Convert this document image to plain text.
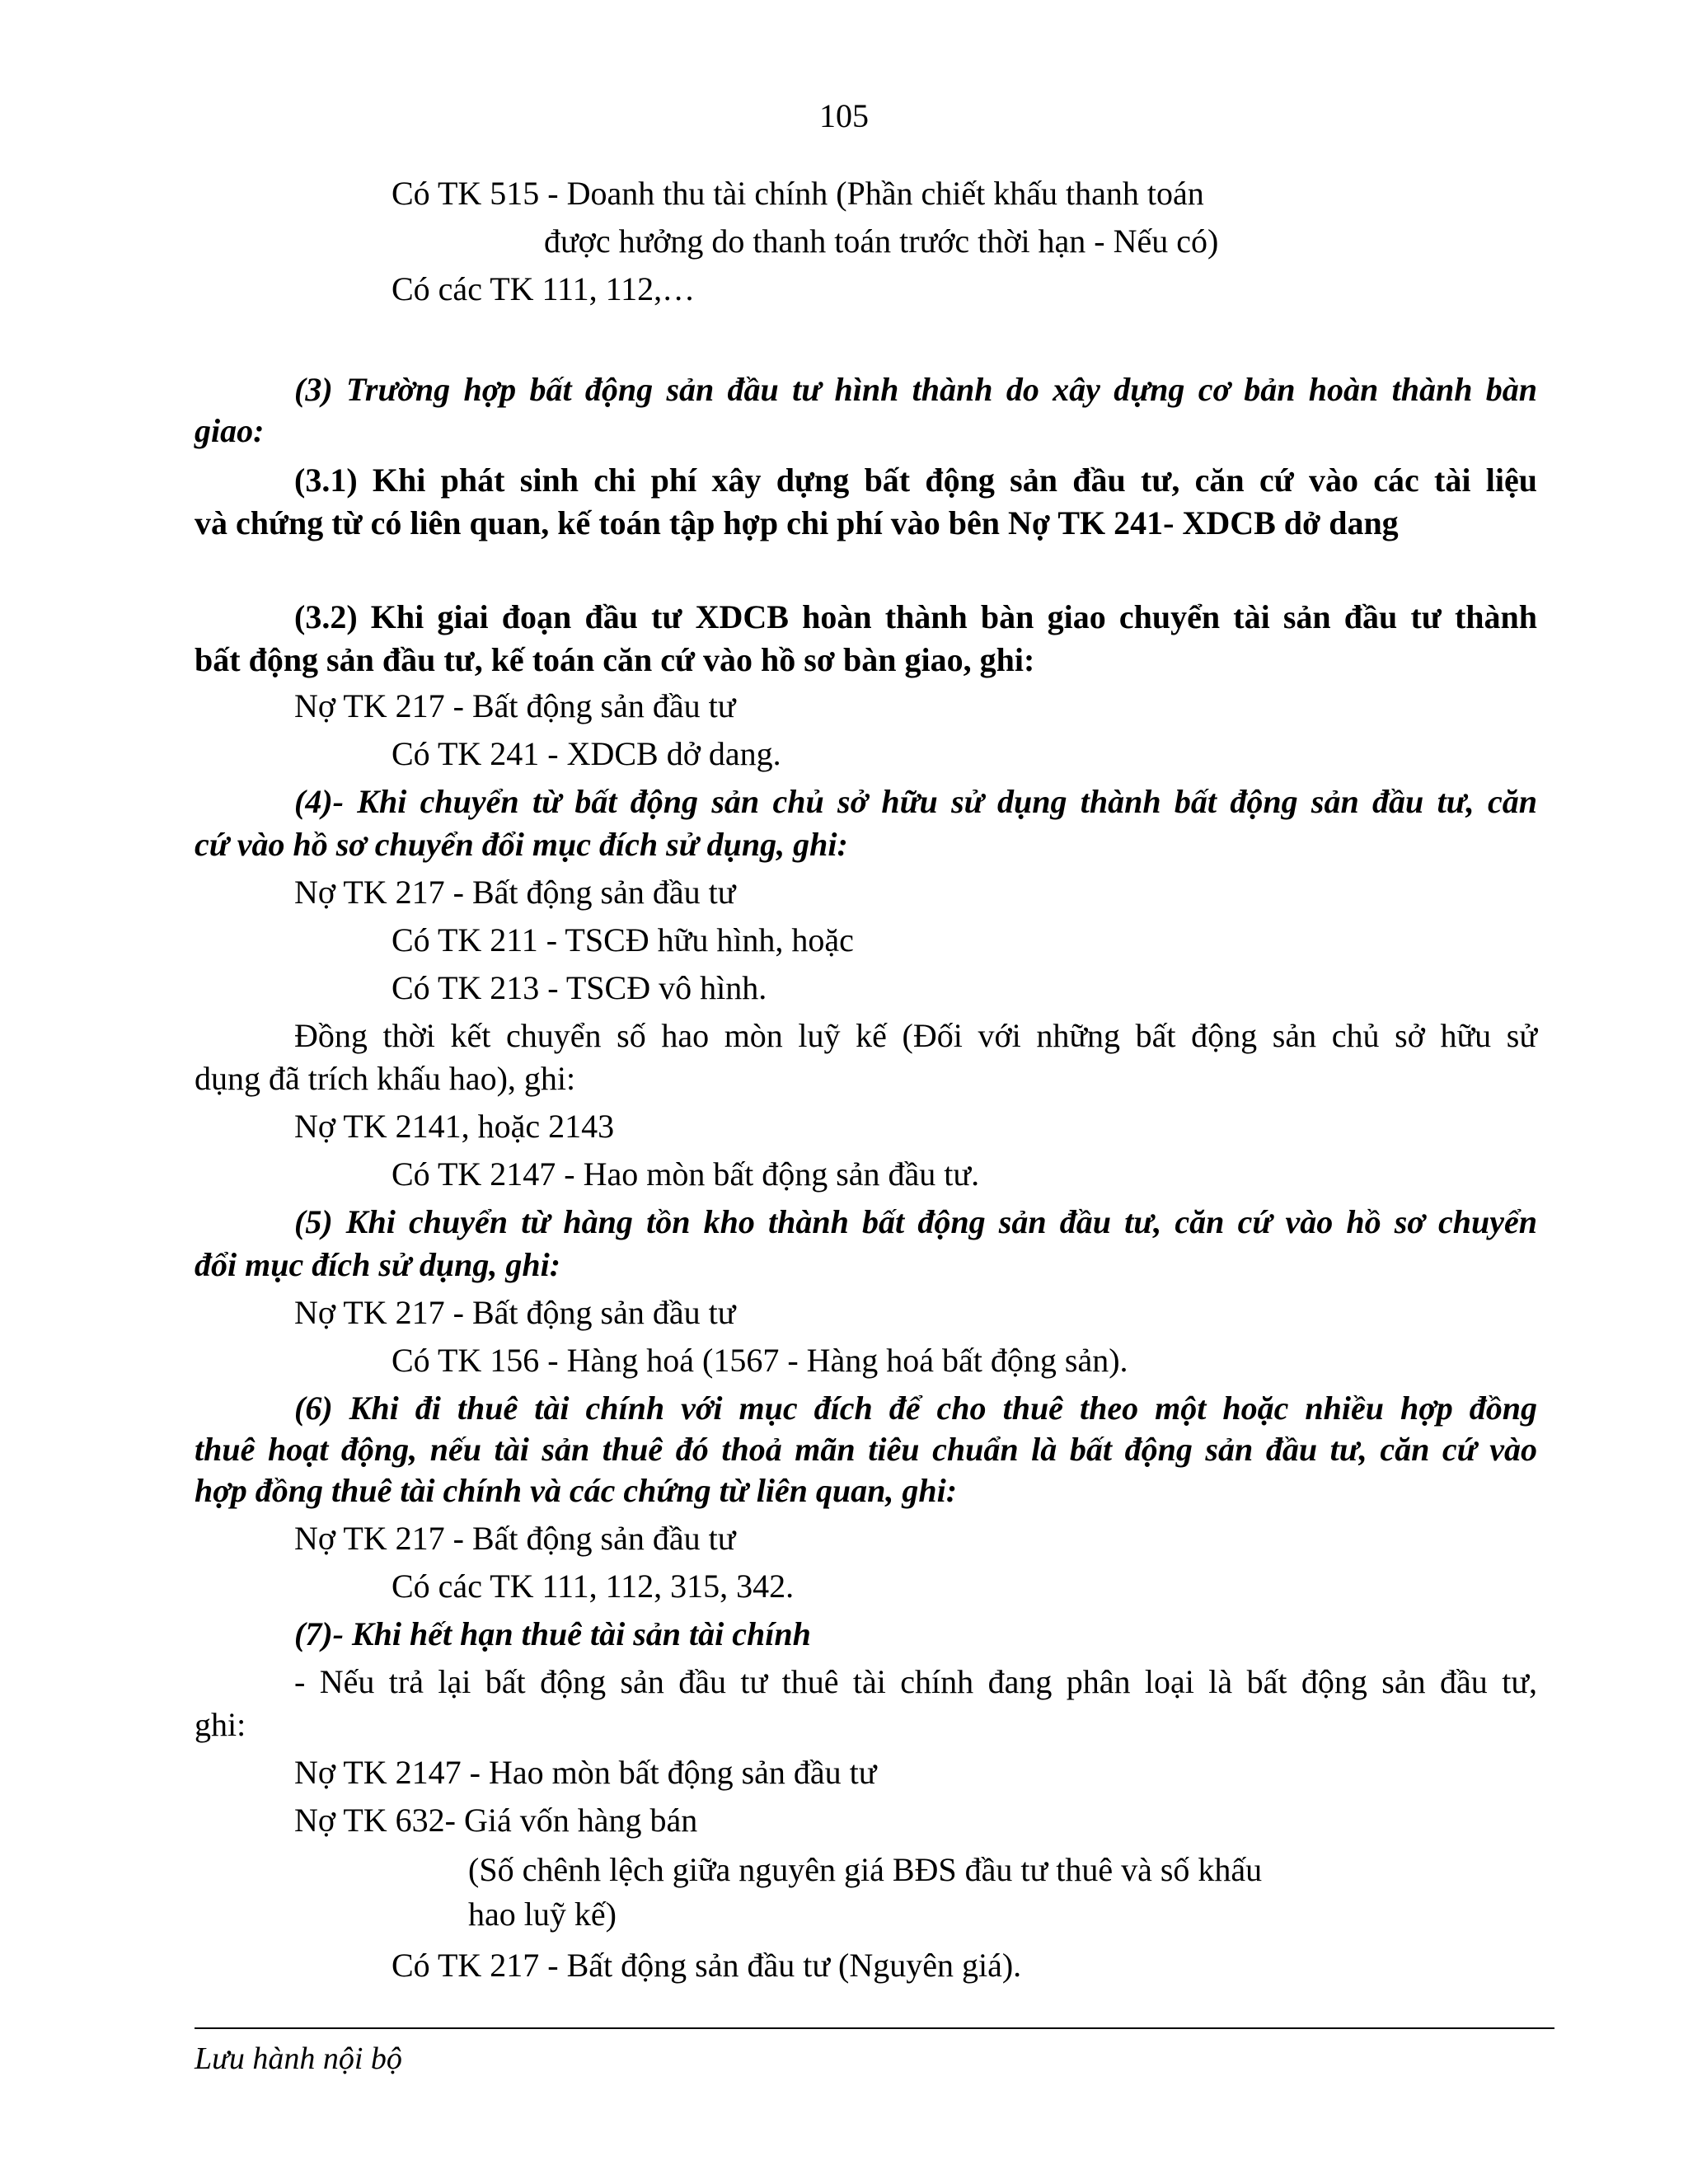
105
Có TK 515 - Doanh thu tài chính (Phần chiết khấu thanh toán
được hưởng do thanh toán trước thời hạn - Nếu có)
Có các TK 111, 112,…
(3) Trường hợp bất động sản đầu tư hình thành do xây dựng cơ bản hoàn thành bàn
giao:
(3.1) Khi phát sinh chi phí xây dựng bất động sản đầu tư, căn cứ vào các tài liệu
và chứng từ có liên quan, kế toán tập hợp chi phí vào bên Nợ TK 241- XDCB dở dang
(3.2) Khi giai đoạn đầu tư XDCB hoàn thành bàn giao chuyển tài sản đầu tư thành
bất động sản đầu tư, kế toán căn cứ vào hồ sơ bàn giao, ghi:
Nợ TK 217 - Bất động sản đầu tư
Có TK 241 - XDCB dở dang.
(4)- Khi chuyển từ bất động sản chủ sở hữu sử dụng thành bất động sản đầu tư, căn
cứ vào hồ sơ chuyển đổi mục đích sử dụng, ghi:
Nợ TK 217 - Bất động sản đầu tư
Có TK 211 - TSCĐ hữu hình, hoặc
Có TK 213 - TSCĐ vô hình.
Đồng thời kết chuyển số hao mòn luỹ kế (Đối với những bất động sản chủ sở hữu sử
dụng đã trích khấu hao), ghi:
Nợ TK 2141, hoặc 2143
Có TK 2147 - Hao mòn bất động sản đầu tư.
(5) Khi chuyển từ hàng tồn kho thành bất động sản đầu tư, căn cứ vào hồ sơ chuyển
đổi mục đích sử dụng, ghi:
Nợ TK 217 - Bất động sản đầu tư
Có TK 156 - Hàng hoá (1567 - Hàng hoá bất động sản).
(6) Khi đi thuê tài chính với mục đích để cho thuê theo một hoặc nhiều hợp đồng
thuê hoạt động, nếu tài sản thuê đó thoả mãn tiêu chuẩn là bất động sản đầu tư, căn cứ vào
hợp đồng thuê tài chính và các chứng từ liên quan, ghi:
Nợ TK 217 - Bất động sản đầu tư
Có các TK 111, 112, 315, 342.
(7)- Khi hết hạn thuê tài sản tài chính
- Nếu trả lại bất động sản đầu tư thuê tài chính đang phân loại là bất động sản đầu tư,
ghi:
Nợ TK 2147 - Hao mòn bất động sản đầu tư
Nợ TK 632- Giá vốn hàng bán
(Số chênh lệch giữa nguyên giá BĐS đầu tư thuê và số khấu
hao luỹ kế)
Có TK 217 - Bất động sản đầu tư (Nguyên giá).
Lưu hành nội bộ
